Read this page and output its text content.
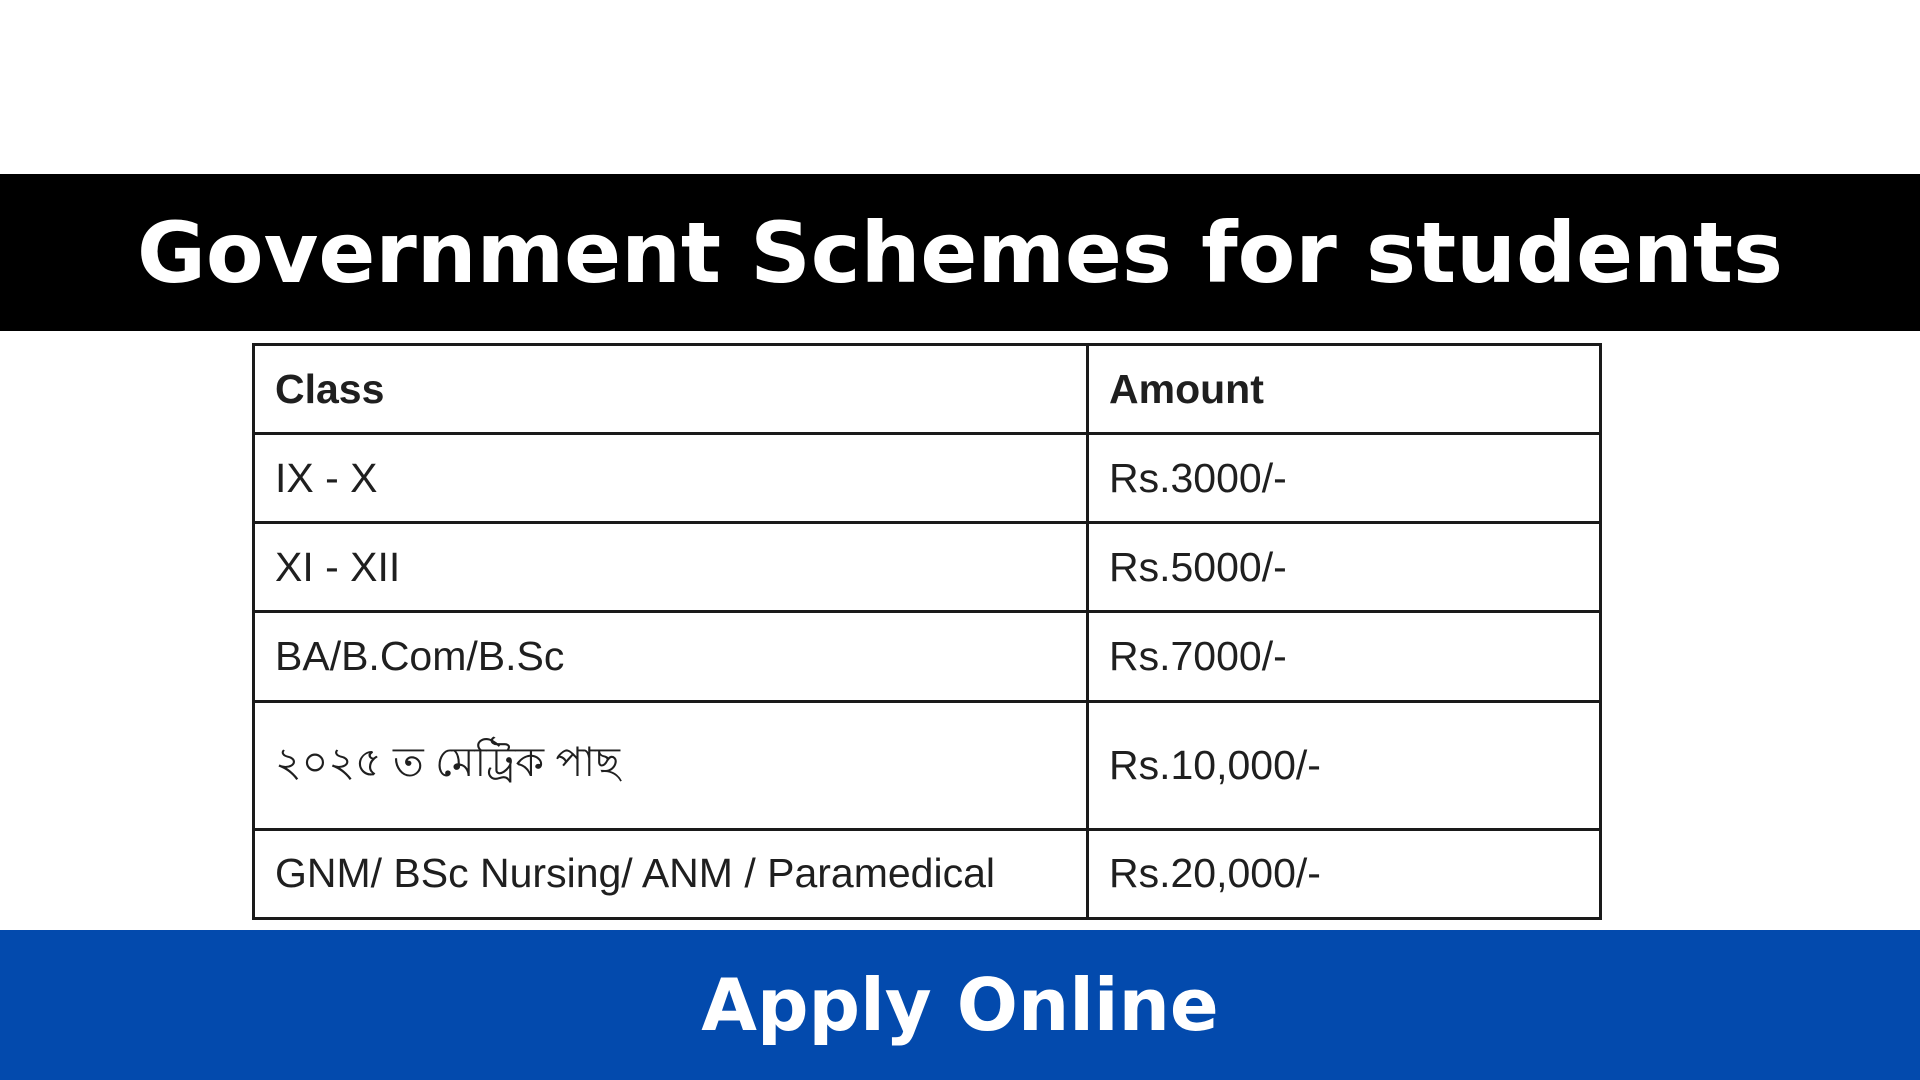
Government Schemes for students
Class	Amount
IX - X	Rs.3000/-
XI - XII	Rs.5000/-
BA/B.Com/B.Sc	Rs.7000/-
২০২৫ ত মেট্রিক পাছ	Rs.10,000/-
GNM/ BSc Nursing/ ANM / Paramedical	Rs.20,000/-
Apply Online
